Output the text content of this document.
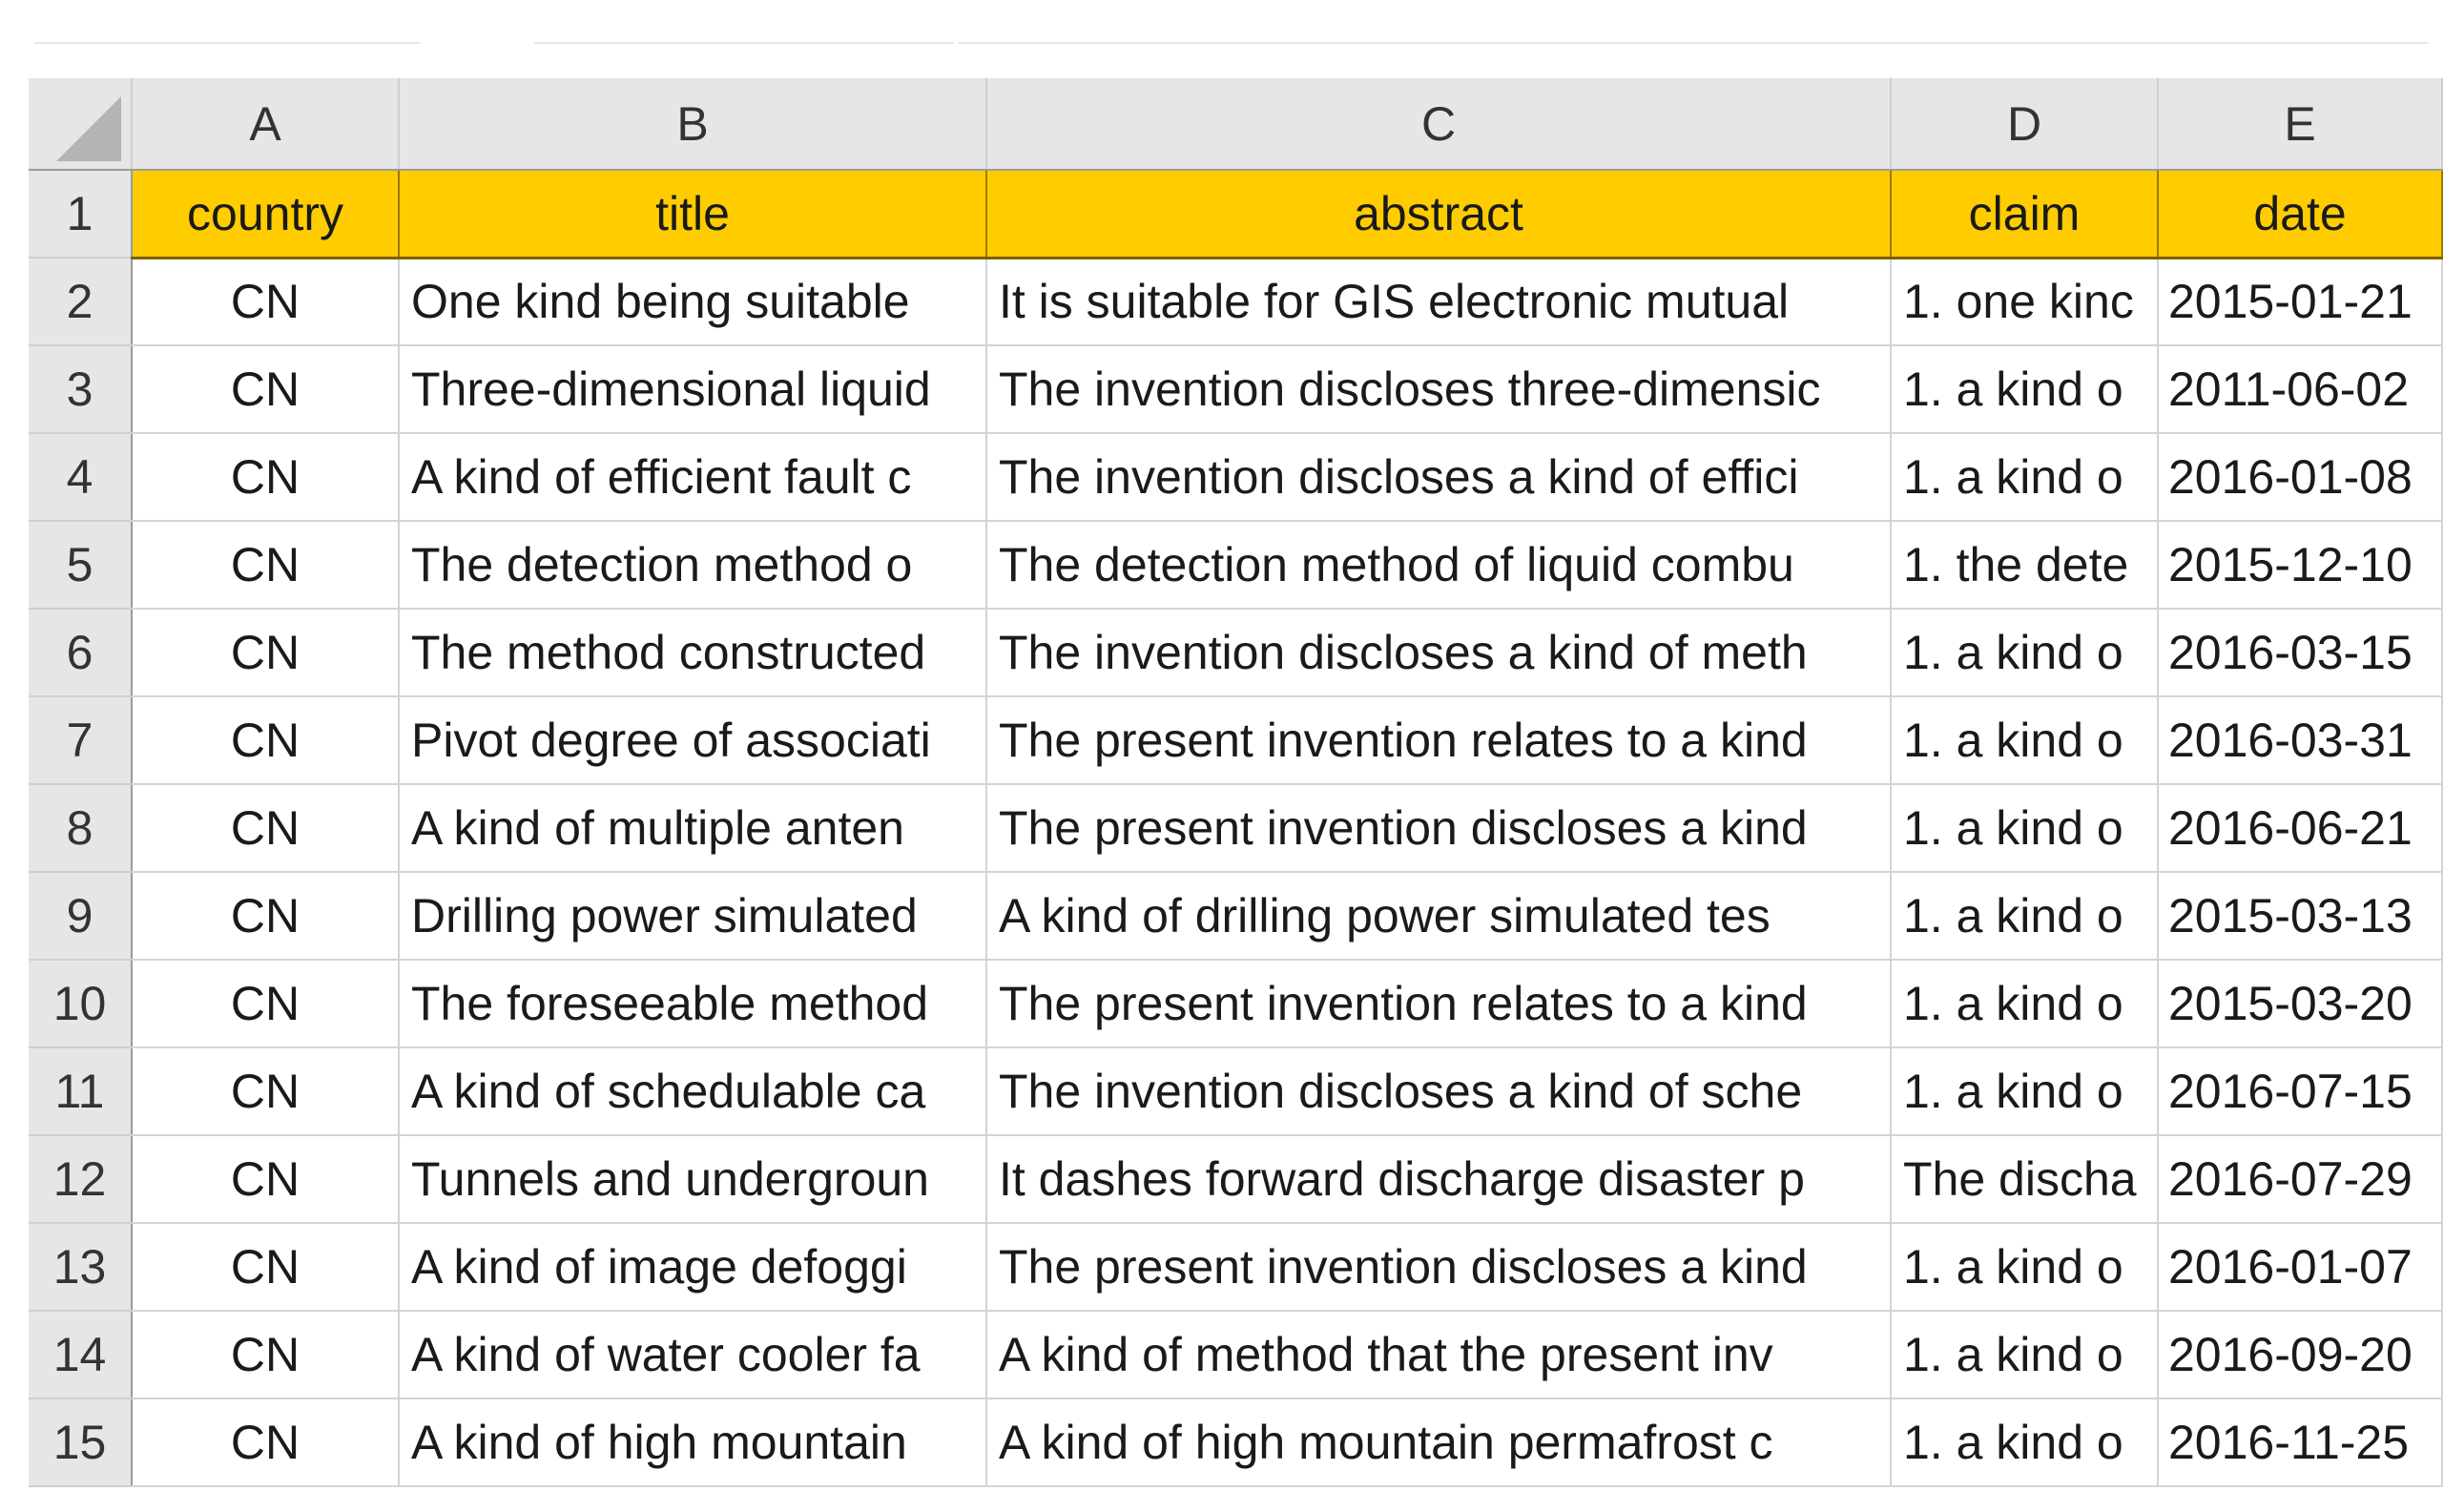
	A	B	C	D	E
1	country	title	abstract	claim	date
2	CN	One kind being suitable	It is suitable for GIS electronic mutual	1. one kinc	2015-01-21
3	CN	Three-dimensional liquid	The invention discloses three-dimensic	1. a kind o	2011-06-02
4	CN	A kind of efficient fault c	The invention discloses a kind of effici	1. a kind o	2016-01-08
5	CN	The detection method o	The detection method of liquid combu	1. the dete	2015-12-10
6	CN	The method constructed	The invention discloses a kind of meth	1. a kind o	2016-03-15
7	CN	Pivot degree of associati	The present invention relates to a kind	1. a kind o	2016-03-31
8	CN	A kind of multiple anten	The present invention discloses a kind	1. a kind o	2016-06-21
9	CN	Drilling power simulated	A kind of drilling power simulated tes	1. a kind o	2015-03-13
10	CN	The foreseeable method	The present invention relates to a kind	1. a kind o	2015-03-20
11	CN	A kind of schedulable ca	The invention discloses a kind of sche	1. a kind o	2016-07-15
12	CN	Tunnels and undergroun	It dashes forward discharge disaster p	The discha	2016-07-29
13	CN	A kind of image defoggi	The present invention discloses a kind	1. a kind o	2016-01-07
14	CN	A kind of water cooler fa	A kind of method that the present inv	1. a kind o	2016-09-20
15	CN	A kind of high mountain	A kind of high mountain permafrost c	1. a kind o	2016-11-25
